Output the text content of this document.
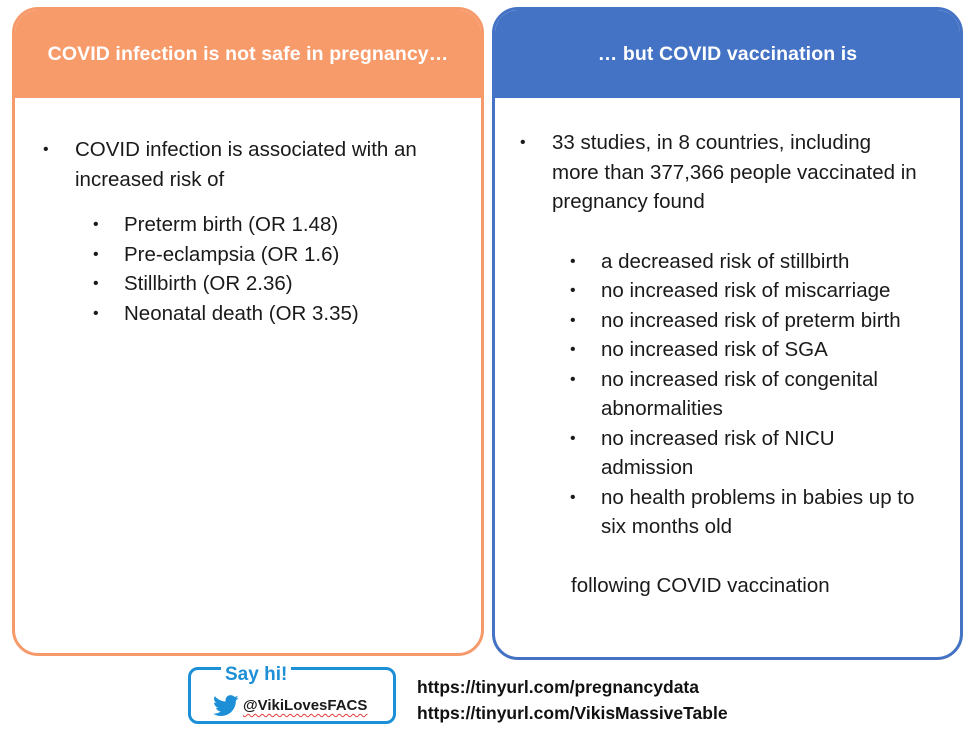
COVID infection is not safe in pregnancy…
• COVID infection is associated with an increased risk of
• Preterm birth (OR 1.48)
• Pre-eclampsia (OR 1.6)
• Stillbirth (OR 2.36)
• Neonatal death (OR 3.35)
… but COVID vaccination is
• 33 studies, in 8 countries, including more than 377,366 people vaccinated in pregnancy found
• a decreased risk of stillbirth
• no increased risk of miscarriage
• no increased risk of preterm birth
• no increased risk of SGA
• no increased risk of congenital abnormalities
• no increased risk of NICU admission
• no health problems in babies up to six months old
following COVID vaccination
Say hi!
@VikiLovesFACS
https://tinyurl.com/pregnancydata
https://tinyurl.com/VikisMassiveTable
